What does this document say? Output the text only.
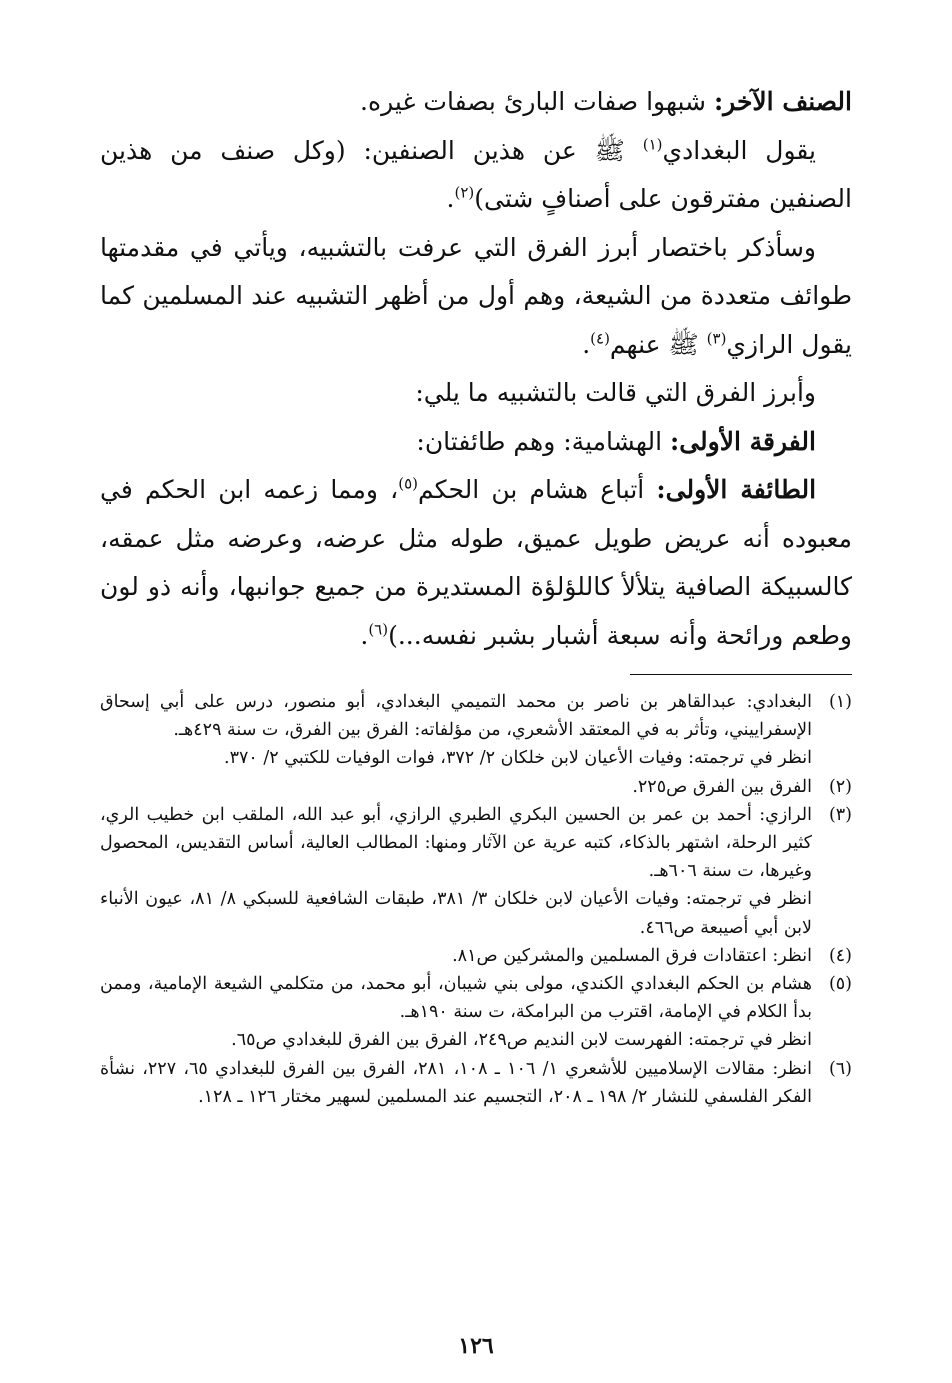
الصنف الآخر: شبهوا صفات البارئ بصفات غيره.

يقول البغدادي$^{(١)}$ ﷺ عن هذين الصنفين: (وكل صنف من هذين الصنفين مفترقون على أصنافٍ شتى)$^{(٢)}$.

وسأذكر باختصار أبرز الفرق التي عرفت بالتشبيه، ويأتي في مقدمتها طوائف متعددة من الشيعة، وهم أول من أظهر التشبيه عند المسلمين كما يقول الرازي$^{(٣)}$ ﷺ عنهم$^{(٤)}$.

وأبرز الفرق التي قالت بالتشبيه ما يلي:

الفرقة الأولى: الهشامية: وهم طائفتان:

الطائفة الأولى: أتباع هشام بن الحكم$^{(٥)}$، ومما زعمه ابن الحكم في معبوده أنه عريض طويل عميق، طوله مثل عرضه، وعرضه مثل عمقه، كالسبيكة الصافية يتلألأ كاللؤلؤة المستديرة من جميع جوانبها، وأنه ذو لون وطعم ورائحة وأنه سبعة أشبار بشبر نفسه...)$^{(٦)}$.

(١)
البغدادي: عبدالقاهر بن ناصر بن محمد التميمي البغدادي، أبو منصور، درس على أبي إسحاق الإسفراييني، وتأثر به في المعتقد الأشعري، من مؤلفاته: الفرق بين الفرق، ت سنة ٤٢٩هـ.
انظر في ترجمته: وفيات الأعيان لابن خلكان ٢/ ٣٧٢، فوات الوفيات للكتبي ٢/ ٣٧٠.
(٢)
الفرق بين الفرق ص٢٢٥.
(٣)
الرازي: أحمد بن عمر بن الحسين البكري الطبري الرازي، أبو عبد الله، الملقب ابن خطيب الري، كثير الرحلة، اشتهر بالذكاء، كتبه عرية عن الآثار ومنها: المطالب العالية، أساس التقديس، المحصول وغيرها، ت سنة ٦٠٦هـ.
انظر في ترجمته: وفيات الأعيان لابن خلكان ٣/ ٣٨١، طبقات الشافعية للسبكي ٨/ ٨١، عيون الأنباء لابن أبي أصيبعة ص٤٦٦.
(٤)
انظر: اعتقادات فرق المسلمين والمشركين ص٨١.
(٥)
هشام بن الحكم البغدادي الكندي، مولى بني شيبان، أبو محمد، من متكلمي الشيعة الإمامية، وممن بدأ الكلام في الإمامة، اقترب من البرامكة، ت سنة ١٩٠هـ.
انظر في ترجمته: الفهرست لابن النديم ص٢٤٩، الفرق بين الفرق للبغدادي ص٦٥.
(٦)
انظر: مقالات الإسلاميين للأشعري ١/ ١٠٦ ـ ١٠٨، ٢٨١، الفرق بين الفرق للبغدادي ٦٥، ٢٢٧، نشأة الفكر الفلسفي للنشار ٢/ ١٩٨ ـ ٢٠٨، التجسيم عند المسلمين لسهير مختار ١٢٦ ـ ١٢٨.
١٢٦
